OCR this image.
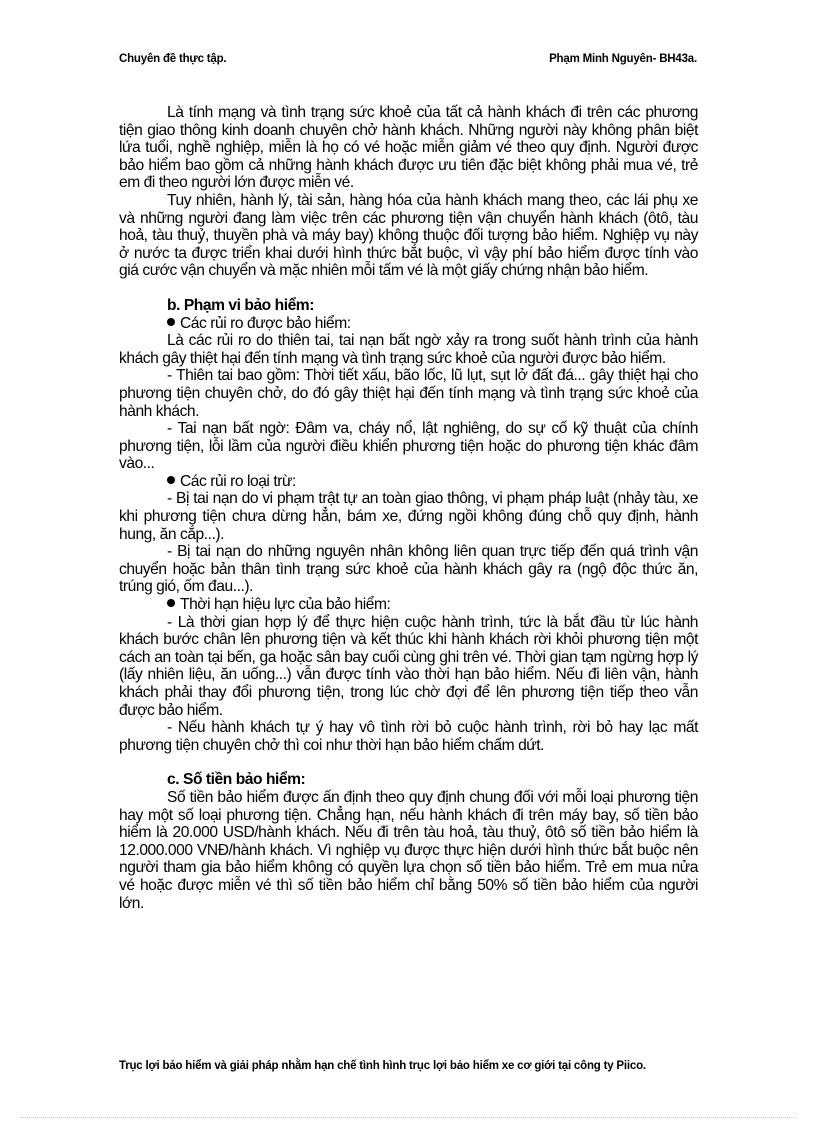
Chuyên đề thực tập.	Phạm Minh Nguyên- BH43a.

Là tính mạng và tình trạng sức khoẻ của tất cả hành khách đi trên các phương tiện giao thông kinh doanh chuyên chở hành khách. Những người này không phân biệt lứa tuổi, nghề nghiệp, miễn là họ có vé hoặc miễn giảm vé theo quy định. Người được bảo hiểm bao gồm cả những hành khách được ưu tiên đặc biệt không phải mua vé, trẻ em đi theo người lớn được miễn vé.

Tuy nhiên, hành lý, tài sản, hàng hóa của hành khách mang theo, các lái phụ xe và những người đang làm việc trên các phương tiện vận chuyển hành khách (ôtô, tàu hoả, tàu thuỷ, thuyền phà và máy bay) không thuộc đối tượng bảo hiểm. Nghiệp vụ này ở nước ta được triển khai dưới hình thức bắt buộc, vì vậy phí bảo hiểm được tính vào giá cước vận chuyển và mặc nhiên mỗi tấm vé là một giấy chứng nhận bảo hiểm.

b. Phạm vi bảo hiểm:

Các rủi ro được bảo hiểm:

Là các rủi ro do thiên tai, tai nạn bất ngờ xảy ra trong suốt hành trình của hành khách gây thiệt hại đến tính mạng và tình trạng sức khoẻ của người được bảo hiểm.

- Thiên tai bao gồm: Thời tiết xấu, bão lốc, lũ lụt, sụt lở đất đá... gây thiệt hại cho phương tiện chuyên chở, do đó gây thiệt hại đến tính mạng và tình trạng sức khoẻ của hành khách.

- Tai nạn bất ngờ: Đâm va, cháy nổ, lật nghiêng, do sự cố kỹ thuật của chính phương tiện, lỗi lầm của người điều khiển phương tiện hoặc do phương tiện khác đâm vào...

Các rủi ro loại trừ:

- Bị tai nạn do vi phạm trật tự an toàn giao thông, vi phạm pháp luật (nhảy tàu, xe khi phương tiện chưa dừng hẳn, bám xe, đứng ngồi không đúng chỗ quy định, hành hung, ăn cắp...).

- Bị tai nạn do những nguyên nhân không liên quan trực tiếp đến quá trình vận chuyển hoặc bản thân tình trạng sức khoẻ của hành khách gây ra (ngộ độc thức ăn, trúng gió, ốm đau...).

Thời hạn hiệu lực của bảo hiểm:

- Là thời gian hợp lý để thực hiện cuộc hành trình, tức là bắt đầu từ lúc hành khách bước chân lên phương tiện và kết thúc khi hành khách rời khỏi phương tiện một cách an toàn tại bến, ga hoặc sân bay cuối cùng ghi trên vé. Thời gian tạm ngừng hợp lý (lấy nhiên liệu, ăn uống...) vẫn được tính vào thời hạn bảo hiểm. Nếu đi liên vận, hành khách phải thay đổi phương tiện, trong lúc chờ đợi để lên phương tiện tiếp theo vẫn được bảo hiểm.

- Nếu hành khách tự ý hay vô tình rời bỏ cuộc hành trình, rời bỏ hay lạc mất phương tiện chuyên chở thì coi như thời hạn bảo hiểm chấm dứt.

c. Số tiền bảo hiểm:

Số tiền bảo hiểm được ấn định theo quy định chung đối với mỗi loại phương tiện hay một số loại phương tiện. Chẳng hạn, nếu hành khách đi trên máy bay, số tiền bảo hiểm là 20.000 USD/hành khách. Nếu đi trên tàu hoả, tàu thuỷ, ôtô số tiền bảo hiểm là 12.000.000 VNĐ/hành khách. Vì nghiệp vụ được thực hiện dưới hình thức bắt buộc nên người tham gia bảo hiểm không có quyền lựa chọn số tiền bảo hiểm. Trẻ em mua nửa vé hoặc được miễn vé thì số tiền bảo hiểm chỉ bằng 50% số tiền bảo hiểm của người lớn.

Trục lợi bảo hiểm và giải pháp nhằm hạn chế tình hình trục lợi bảo hiểm xe cơ giới tại công ty Piico.
